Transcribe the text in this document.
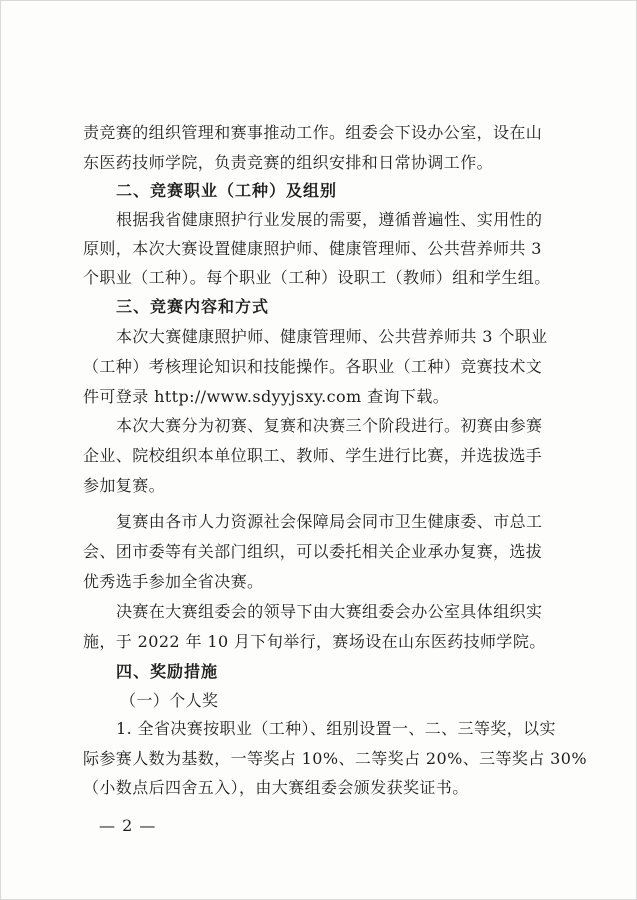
责竞赛的组织管理和赛事推动工作。组委会下设办公室，设在山
东医药技师学院，负责竞赛的组织安排和日常协调工作。
二、竞赛职业（工种）及组别
根据我省健康照护行业发展的需要，遵循普遍性、实用性的
原则，本次大赛设置健康照护师、健康管理师、公共营养师共 3
个职业（工种）。每个职业（工种）设职工（教师）组和学生组。
三、竞赛内容和方式
本次大赛健康照护师、健康管理师、公共营养师共 3 个职业
（工种）考核理论知识和技能操作。各职业（工种）竞赛技术文
件可登录 http://www.sdyyjsxy.com 查询下载。
本次大赛分为初赛、复赛和决赛三个阶段进行。初赛由参赛
企业、院校组织本单位职工、教师、学生进行比赛，并选拔选手
参加复赛。
复赛由各市人力资源社会保障局会同市卫生健康委、市总工
会、团市委等有关部门组织，可以委托相关企业承办复赛，选拔
优秀选手参加全省决赛。
决赛在大赛组委会的领导下由大赛组委会办公室具体组织实
施，于 2022 年 10 月下旬举行，赛场设在山东医药技师学院。
四、奖励措施
（一）个人奖
1. 全省决赛按职业（工种）、组别设置一、二、三等奖，以实
际参赛人数为基数，一等奖占 10%、二等奖占 20%、三等奖占 30%
（小数点后四舍五入），由大赛组委会颁发获奖证书。
— 2 —
